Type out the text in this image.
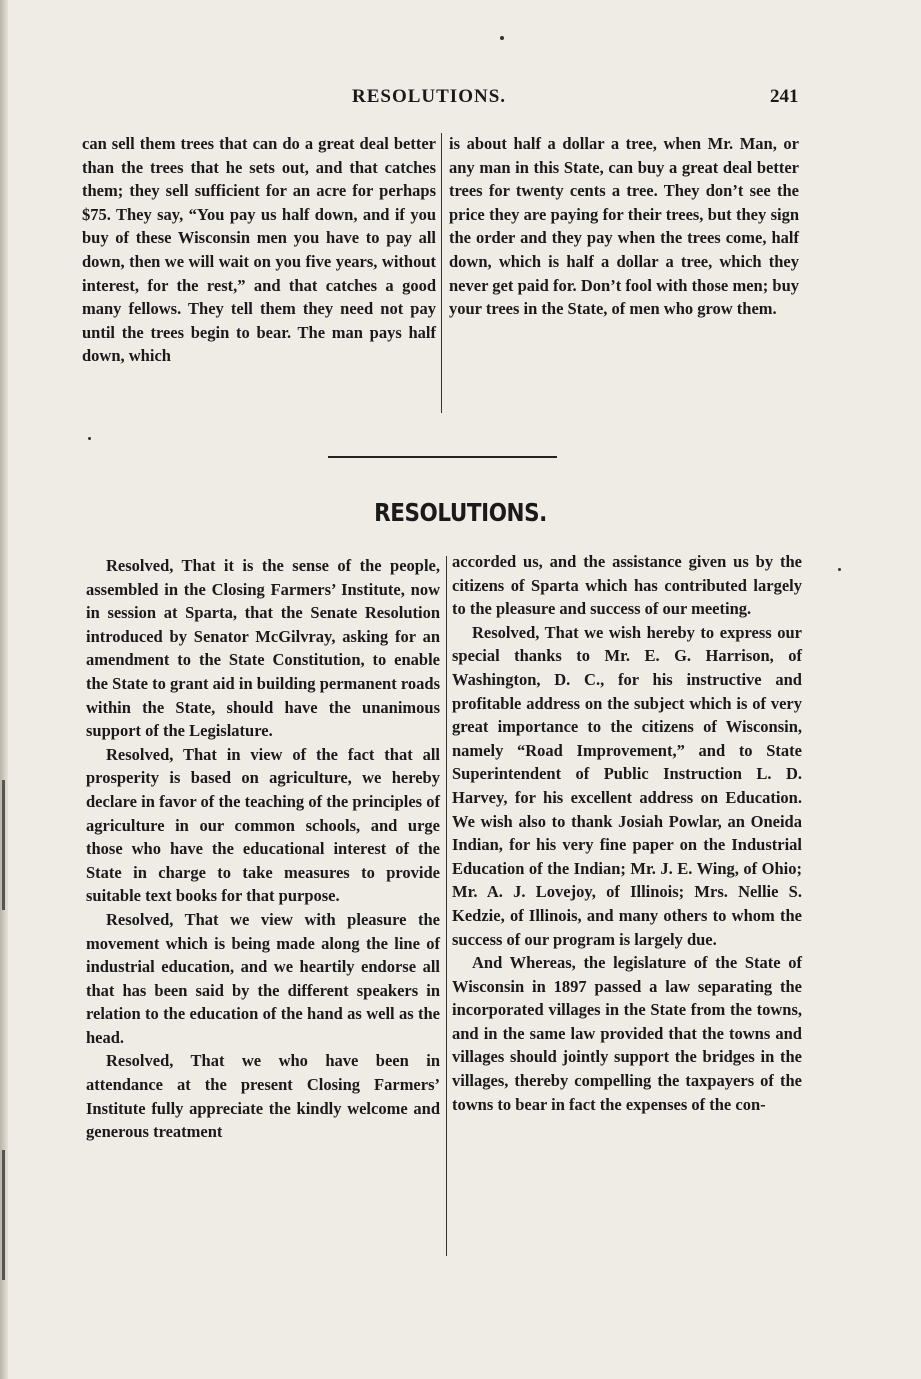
RESOLUTIONS.	241

can sell them trees that can do a great deal better than the trees that he sets out, and that catches them; they sell sufficient for an acre for perhaps $75. They say, “You pay us half down, and if you buy of these Wisconsin men you have to pay all down, then we will wait on you five years, without interest, for the rest,” and that catches a good many fellows. They tell them they need not pay until the trees begin to bear. The man pays half down, which

is about half a dollar a tree, when Mr. Man, or any man in this State, can buy a great deal better trees for twenty cents a tree. They don’t see the price they are paying for their trees, but they sign the order and they pay when the trees come, half down, which is half a dollar a tree, which they never get paid for. Don’t fool with those men; buy your trees in the State, of men who grow them.

RESOLUTIONS.

Resolved, That it is the sense of the people, assembled in the Closing Farmers’ Institute, now in session at Sparta, that the Senate Resolution introduced by Senator McGilvray, asking for an amendment to the State Constitution, to enable the State to grant aid in building permanent roads within the State, should have the unanimous support of the Legislature.

Resolved, That in view of the fact that all prosperity is based on agriculture, we hereby declare in favor of the teaching of the principles of agriculture in our common schools, and urge those who have the educational interest of the State in charge to take measures to provide suitable text books for that purpose.

Resolved, That we view with pleasure the movement which is being made along the line of industrial education, and we heartily endorse all that has been said by the different speakers in relation to the education of the hand as well as the head.

Resolved, That we who have been in attendance at the present Closing Farmers’ Institute fully appreciate the kindly welcome and generous treatment

accorded us, and the assistance given us by the citizens of Sparta which has contributed largely to the pleasure and success of our meeting.

Resolved, That we wish hereby to express our special thanks to Mr. E. G. Harrison, of Washington, D. C., for his instructive and profitable address on the subject which is of very great importance to the citizens of Wisconsin, namely “Road Improvement,” and to State Superintendent of Public Instruction L. D. Harvey, for his excellent address on Education. We wish also to thank Josiah Powlar, an Oneida Indian, for his very fine paper on the Industrial Education of the Indian; Mr. J. E. Wing, of Ohio; Mr. A. J. Lovejoy, of Illinois; Mrs. Nellie S. Kedzie, of Illinois, and many others to whom the success of our program is largely due.

And Whereas, the legislature of the State of Wisconsin in 1897 passed a law separating the incorporated villages in the State from the towns, and in the same law provided that the towns and villages should jointly support the bridges in the villages, thereby compelling the taxpayers of the towns to bear in fact the expenses of the con-
